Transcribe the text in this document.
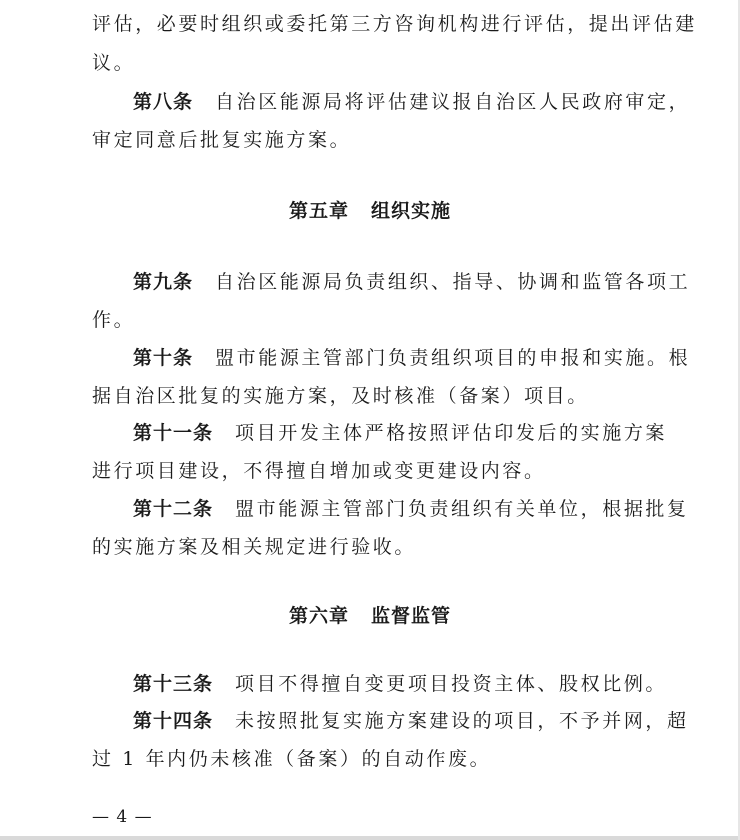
评估，必要时组织或委托第三方咨询机构进行评估，提出评估建
议。
第八条 自治区能源局将评估建议报自治区人民政府审定，
审定同意后批复实施方案。
第五章 组织实施
第九条 自治区能源局负责组织、指导、协调和监管各项工
作。
第十条 盟市能源主管部门负责组织项目的申报和实施。根
据自治区批复的实施方案，及时核准（备案）项目。
第十一条 项目开发主体严格按照评估印发后的实施方案
进行项目建设，不得擅自增加或变更建设内容。
第十二条 盟市能源主管部门负责组织有关单位，根据批复
的实施方案及相关规定进行验收。
第六章 监督监管
第十三条 项目不得擅自变更项目投资主体、股权比例。
第十四条 未按照批复实施方案建设的项目，不予并网，超
过 1 年内仍未核准（备案）的自动作废。
— 4 —
